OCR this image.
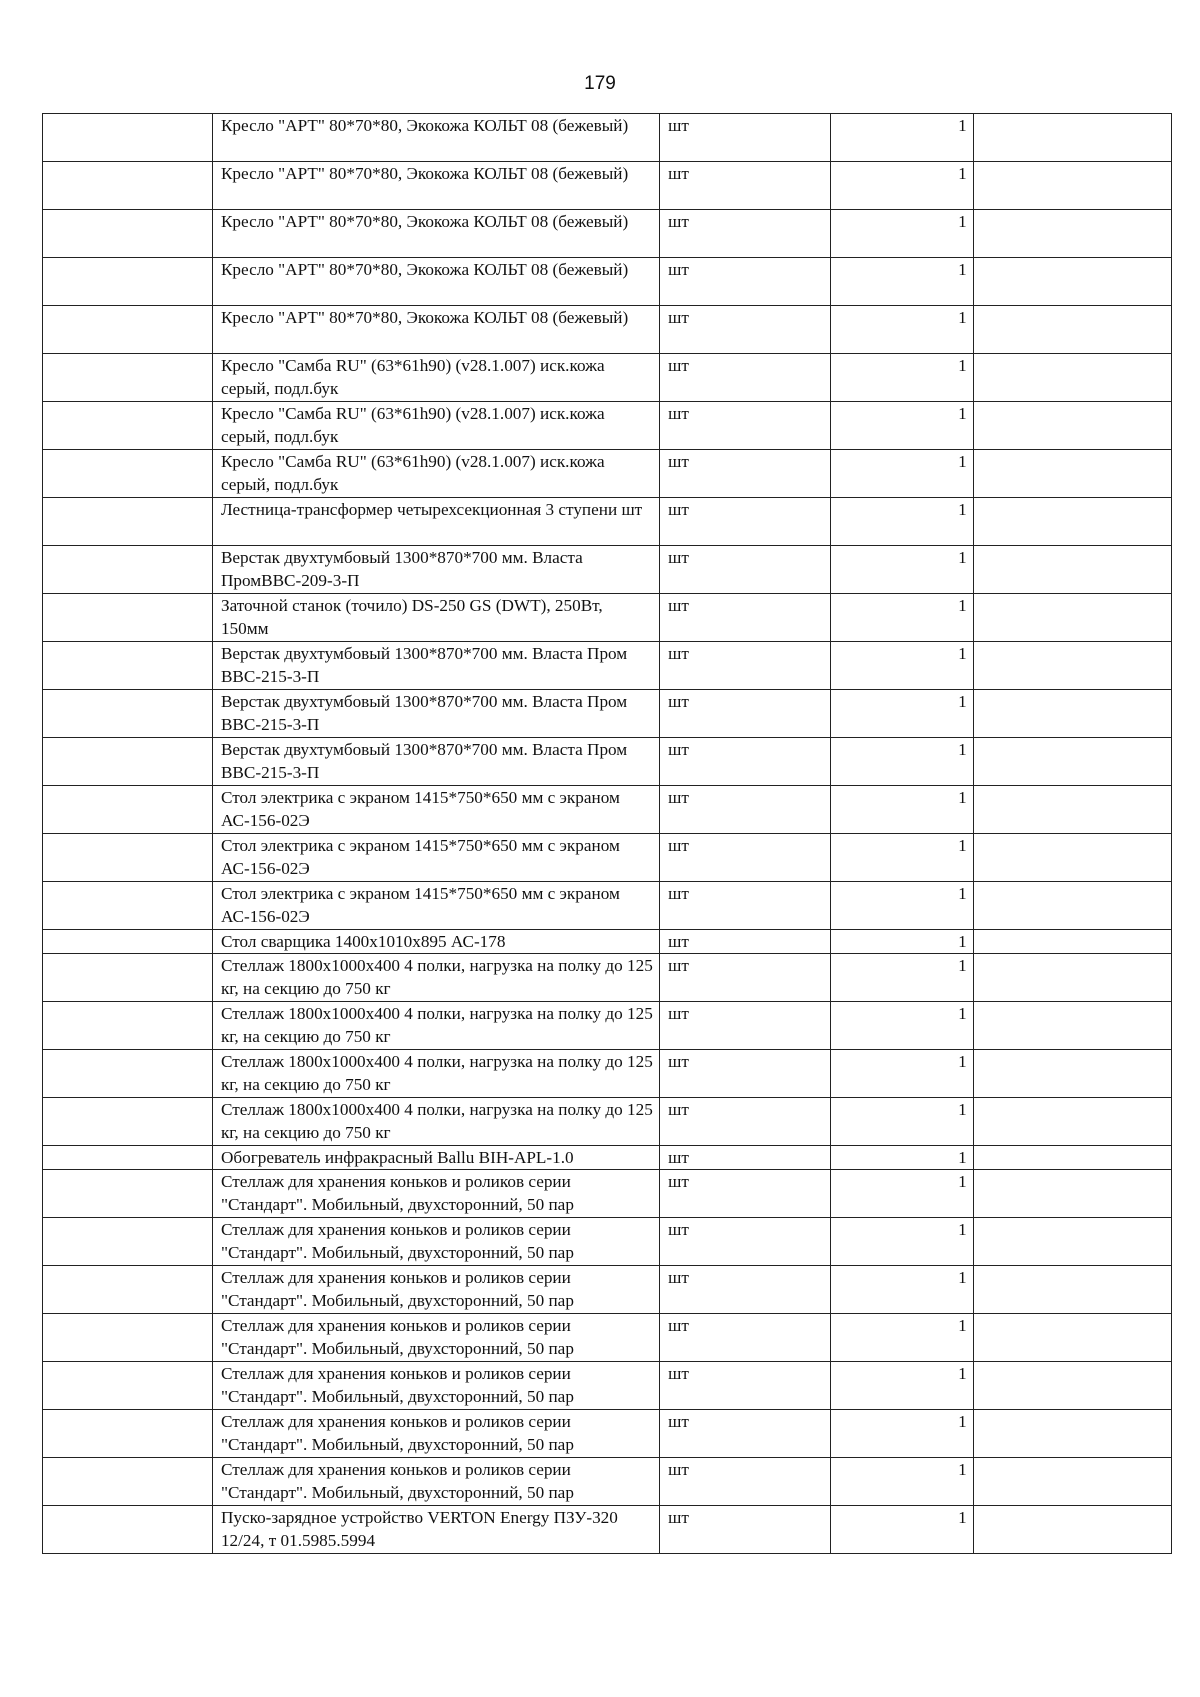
179
	Кресло "АРТ" 80*70*80, Экокожа КОЛЬТ 08 (бежевый)	шт	1	
	Кресло "АРТ" 80*70*80, Экокожа КОЛЬТ 08 (бежевый)	шт	1	
	Кресло "АРТ" 80*70*80, Экокожа КОЛЬТ 08 (бежевый)	шт	1	
	Кресло "АРТ" 80*70*80, Экокожа КОЛЬТ 08 (бежевый)	шт	1	
	Кресло "АРТ" 80*70*80, Экокожа КОЛЬТ 08 (бежевый)	шт	1	
	Кресло "Самба RU" (63*61h90) (v28.1.007) иск.кожа серый, подл.бук	шт	1	
	Кресло "Самба RU" (63*61h90) (v28.1.007) иск.кожа серый, подл.бук	шт	1	
	Кресло "Самба RU" (63*61h90) (v28.1.007) иск.кожа серый, подл.бук	шт	1	
	Лестница-трансформер четырехсекционная 3 ступени шт	шт	1	
	Верстак двухтумбовый 1300*870*700 мм. Власта ПромВВС-209-3-П	шт	1	
	Заточной станок (точило) DS-250 GS (DWT), 250Вт, 150мм	шт	1	
	Верстак двухтумбовый 1300*870*700 мм. Власта Пром ВВС-215-3-П	шт	1	
	Верстак двухтумбовый 1300*870*700 мм. Власта Пром ВВС-215-3-П	шт	1	
	Верстак двухтумбовый 1300*870*700 мм. Власта Пром ВВС-215-3-П	шт	1	
	Стол электрика с экраном 1415*750*650 мм с экраном АС-156-02Э	шт	1	
	Стол электрика с экраном 1415*750*650 мм с экраном АС-156-02Э	шт	1	
	Стол электрика с экраном 1415*750*650 мм с экраном АС-156-02Э	шт	1	
	Стол сварщика 1400х1010х895 АС-178	шт	1	
	Стеллаж 1800х1000х400 4 полки, нагрузка на полку до 125 кг, на секцию до 750 кг	шт	1	
	Стеллаж 1800х1000х400 4 полки, нагрузка на полку до 125 кг, на секцию до 750 кг	шт	1	
	Стеллаж 1800х1000х400 4 полки, нагрузка на полку до 125 кг, на секцию до 750 кг	шт	1	
	Стеллаж 1800х1000х400 4 полки, нагрузка на полку до 125 кг, на секцию до 750 кг	шт	1	
	Обогреватель инфракрасный Ballu BIH-APL-1.0	шт	1	
	Стеллаж для хранения коньков и роликов серии "Стандарт". Мобильный, двухсторонний, 50 пар	шт	1	
	Стеллаж для хранения коньков и роликов серии "Стандарт". Мобильный, двухсторонний, 50 пар	шт	1	
	Стеллаж для хранения коньков и роликов серии "Стандарт". Мобильный, двухсторонний, 50 пар	шт	1	
	Стеллаж для хранения коньков и роликов серии "Стандарт". Мобильный, двухсторонний, 50 пар	шт	1	
	Стеллаж для хранения коньков и роликов серии "Стандарт". Мобильный, двухсторонний, 50 пар	шт	1	
	Стеллаж для хранения коньков и роликов серии "Стандарт". Мобильный, двухсторонний, 50 пар	шт	1	
	Стеллаж для хранения коньков и роликов серии "Стандарт". Мобильный, двухсторонний, 50 пар	шт	1	
	Пуско-зарядное устройство VERTON Energy ПЗУ-320 12/24, т 01.5985.5994	шт	1	
